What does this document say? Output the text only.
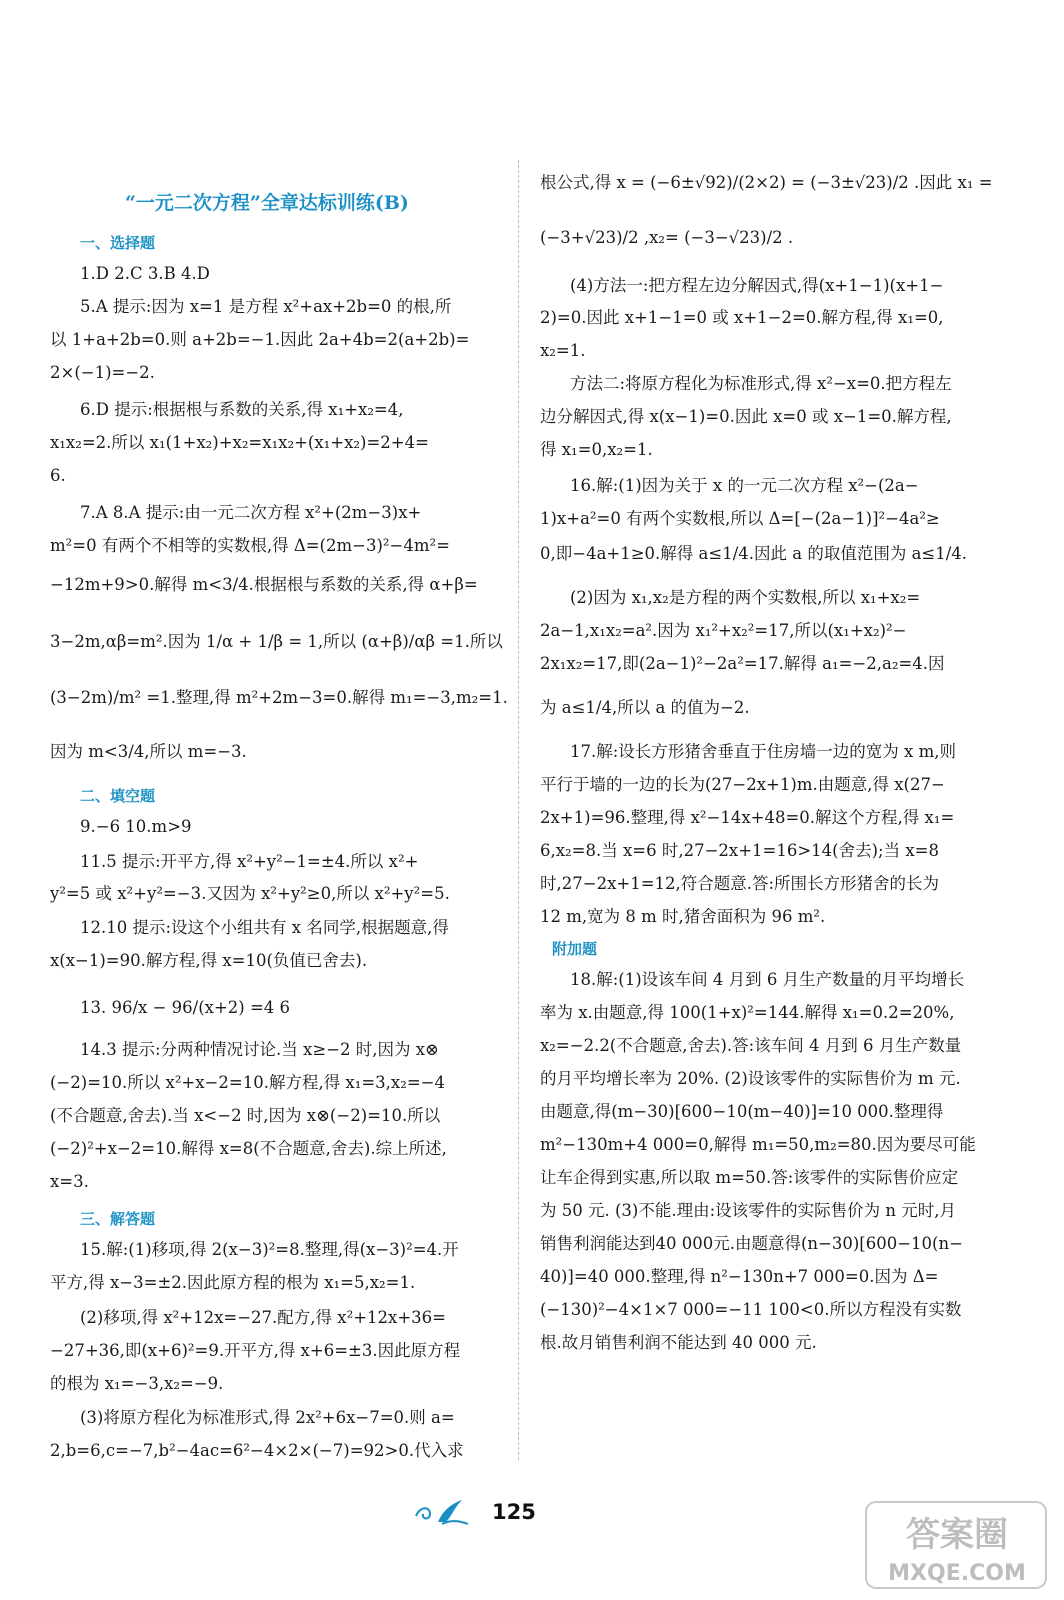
“一元二次方程”全章达标训练(B)
一、选择题
1.D 2.C 3.B 4.D
5.A 提示:因为 x=1 是方程 x²+ax+2b=0 的根,所
以 1+a+2b=0.则 a+2b=−1.因此 2a+4b=2(a+2b)=
2×(−1)=−2.
6.D 提示:根据根与系数的关系,得 x₁+x₂=4,
x₁x₂=2.所以 x₁(1+x₂)+x₂=x₁x₂+(x₁+x₂)=2+4=
6.
7.A 8.A 提示:由一元二次方程 x²+(2m−3)x+
m²=0 有两个不相等的实数根,得 Δ=(2m−3)²−4m²=
−12m+9>0.解得 m<3/4.根据根与系数的关系,得 α+β=
3−2m,αβ=m².因为 1/α + 1/β = 1,所以 (α+β)/αβ =1.所以
(3−2m)/m² =1.整理,得 m²+2m−3=0.解得 m₁=−3,m₂=1.
因为 m<3/4,所以 m=−3.
二、填空题
9.−6 10.m>9
11.5 提示:开平方,得 x²+y²−1=±4.所以 x²+
y²=5 或 x²+y²=−3.又因为 x²+y²≥0,所以 x²+y²=5.
12.10 提示:设这个小组共有 x 名同学,根据题意,得
x(x−1)=90.解方程,得 x=10(负值已舍去).
13. 96/x − 96/(x+2) =4 6
14.3 提示:分两种情况讨论.当 x≥−2 时,因为 x⊗
(−2)=10.所以 x²+x−2=10.解方程,得 x₁=3,x₂=−4
(不合题意,舍去).当 x<−2 时,因为 x⊗(−2)=10.所以
(−2)²+x−2=10.解得 x=8(不合题意,舍去).综上所述,
x=3.
三、解答题
15.解:(1)移项,得 2(x−3)²=8.整理,得(x−3)²=4.开
平方,得 x−3=±2.因此原方程的根为 x₁=5,x₂=1.
(2)移项,得 x²+12x=−27.配方,得 x²+12x+36=
−27+36,即(x+6)²=9.开平方,得 x+6=±3.因此原方程
的根为 x₁=−3,x₂=−9.
(3)将原方程化为标准形式,得 2x²+6x−7=0.则 a=
2,b=6,c=−7,b²−4ac=6²−4×2×(−7)=92>0.代入求
根公式,得 x = (−6±√92)/(2×2) = (−3±√23)/2 .因此 x₁ =
(−3+√23)/2 ,x₂= (−3−√23)/2 .
(4)方法一:把方程左边分解因式,得(x+1−1)(x+1−
2)=0.因此 x+1−1=0 或 x+1−2=0.解方程,得 x₁=0,
x₂=1.
方法二:将原方程化为标准形式,得 x²−x=0.把方程左
边分解因式,得 x(x−1)=0.因此 x=0 或 x−1=0.解方程,
得 x₁=0,x₂=1.
16.解:(1)因为关于 x 的一元二次方程 x²−(2a−
1)x+a²=0 有两个实数根,所以 Δ=[−(2a−1)]²−4a²≥
0,即−4a+1≥0.解得 a≤1/4.因此 a 的取值范围为 a≤1/4.
(2)因为 x₁,x₂是方程的两个实数根,所以 x₁+x₂=
2a−1,x₁x₂=a².因为 x₁²+x₂²=17,所以(x₁+x₂)²−
2x₁x₂=17,即(2a−1)²−2a²=17.解得 a₁=−2,a₂=4.因
为 a≤1/4,所以 a 的值为−2.
17.解:设长方形猪舍垂直于住房墙一边的宽为 x m,则
平行于墙的一边的长为(27−2x+1)m.由题意,得 x(27−
2x+1)=96.整理,得 x²−14x+48=0.解这个方程,得 x₁=
6,x₂=8.当 x=6 时,27−2x+1=16>14(舍去);当 x=8
时,27−2x+1=12,符合题意.答:所围长方形猪舍的长为
12 m,宽为 8 m 时,猪舍面积为 96 m².
附加题
18.解:(1)设该车间 4 月到 6 月生产数量的月平均增长
率为 x.由题意,得 100(1+x)²=144.解得 x₁=0.2=20%,
x₂=−2.2(不合题意,舍去).答:该车间 4 月到 6 月生产数量
的月平均增长率为 20%. (2)设该零件的实际售价为 m 元.
由题意,得(m−30)[600−10(m−40)]=10 000.整理得
m²−130m+4 000=0,解得 m₁=50,m₂=80.因为要尽可能
让车企得到实惠,所以取 m=50.答:该零件的实际售价应定
为 50 元. (3)不能.理由:设该零件的实际售价为 n 元时,月
销售利润能达到40 000元.由题意得(n−30)[600−10(n−
40)]=40 000.整理,得 n²−130n+7 000=0.因为 Δ=
(−130)²−4×1×7 000=−11 100<0.所以方程没有实数
根.故月销售利润不能达到 40 000 元.
125
答案圈
MXQE.COM
